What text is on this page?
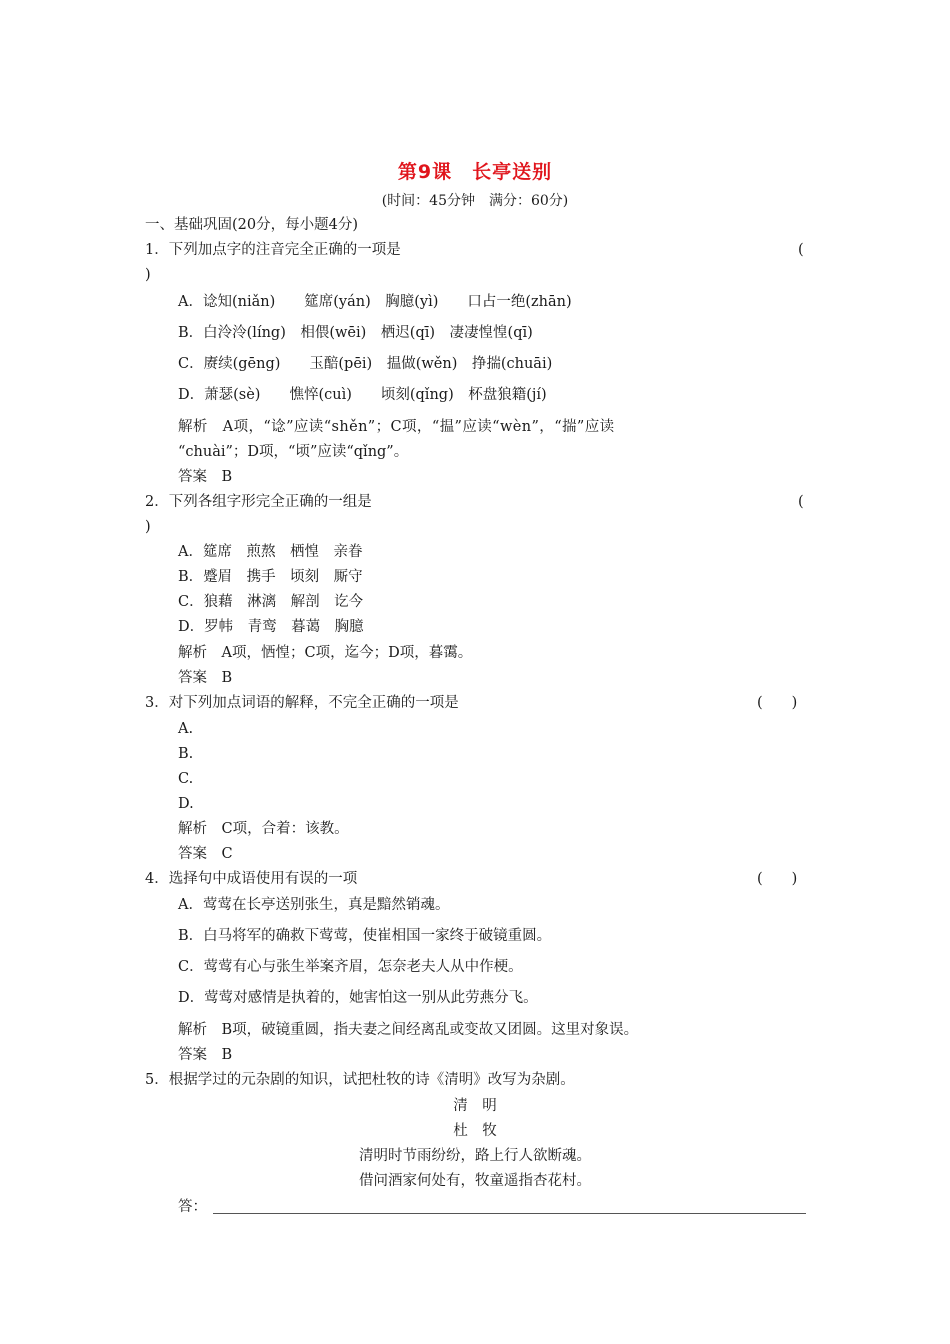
第9课　长亭送别
(时间：45分钟　满分：60分)
一、基础巩固(20分，每小题4分)
1．下列加点字的注音完全正确的一项是	(
)
A．谂知(niǎn)　　筵席(yán)　胸臆(yì)　　口占一绝(zhān)
B．白泠泠(líng)　相偎(wēi)　栖迟(qī)　凄凄惶惶(qī)
C．赓续(gēng)　　玉醅(pēi)　揾做(wěn)　挣揣(chuāi)
D．萧瑟(sè)　　憔悴(cuì)　　顷刻(qǐng)　杯盘狼籍(jí)
解析　A项，“谂”应读“shěn”；C项，“揾”应读“wèn”，“揣”应读
“chuài”；D项，“顷”应读“qǐng”。
答案　B
2．下列各组字形完全正确的一组是	(
)
A．筵席　煎熬　栖惶　亲眷
B．蹙眉　携手　顷刻　厮守
C．狼藉　淋漓　解剖　讫今
D．罗帏　青鸾　暮蔼　胸臆
解析　A项，恓惶；C项，迄今；D项，暮霭。
答案　B
3．对下列加点词语的解释，不完全正确的一项是	(　　)
A.
B.
C.
D.
解析　C项，合着：该教。
答案　C
4．选择句中成语使用有误的一项	(　　)
A．莺莺在长亭送别张生，真是黯然销魂。
B．白马将军的确救下莺莺，使崔相国一家终于破镜重圆。
C．莺莺有心与张生举案齐眉，怎奈老夫人从中作梗。
D．莺莺对感情是执着的，她害怕这一别从此劳燕分飞。
解析　B项，破镜重圆，指夫妻之间经离乱或变故又团圆。这里对象误。
答案　B
5．根据学过的元杂剧的知识，试把杜牧的诗《清明》改写为杂剧。
清　明
杜　牧
清明时节雨纷纷，路上行人欲断魂。
借问酒家何处有，牧童遥指杏花村。
答：
